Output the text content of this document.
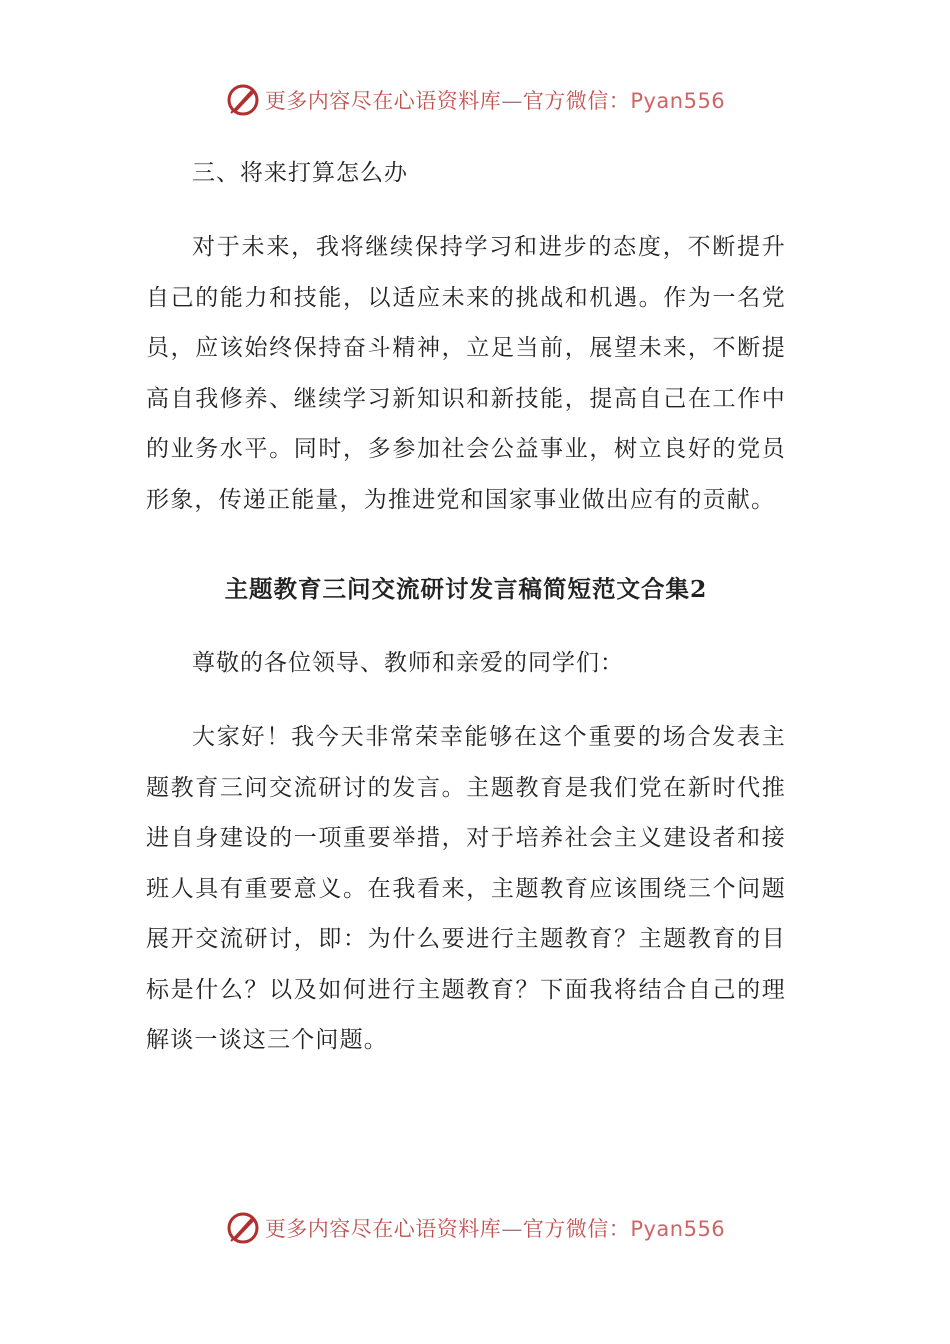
更多内容尽在心语资料库—官方微信：Pyan556

三、将来打算怎么办

对于未来，我将继续保持学习和进步的态度，不断提升自己的能力和技能，以适应未来的挑战和机遇。作为一名党员，应该始终保持奋斗精神，立足当前，展望未来，不断提高自我修养、继续学习新知识和新技能，提高自己在工作中的业务水平。同时，多参加社会公益事业，树立良好的党员形象，传递正能量，为推进党和国家事业做出应有的贡献。

主题教育三问交流研讨发言稿简短范文合集2

尊敬的各位领导、教师和亲爱的同学们：

大家好！我今天非常荣幸能够在这个重要的场合发表主题教育三问交流研讨的发言。主题教育是我们党在新时代推进自身建设的一项重要举措，对于培养社会主义建设者和接班人具有重要意义。在我看来，主题教育应该围绕三个问题展开交流研讨，即：为什么要进行主题教育？主题教育的目标是什么？以及如何进行主题教育？下面我将结合自己的理解谈一谈这三个问题。

更多内容尽在心语资料库—官方微信：Pyan556
